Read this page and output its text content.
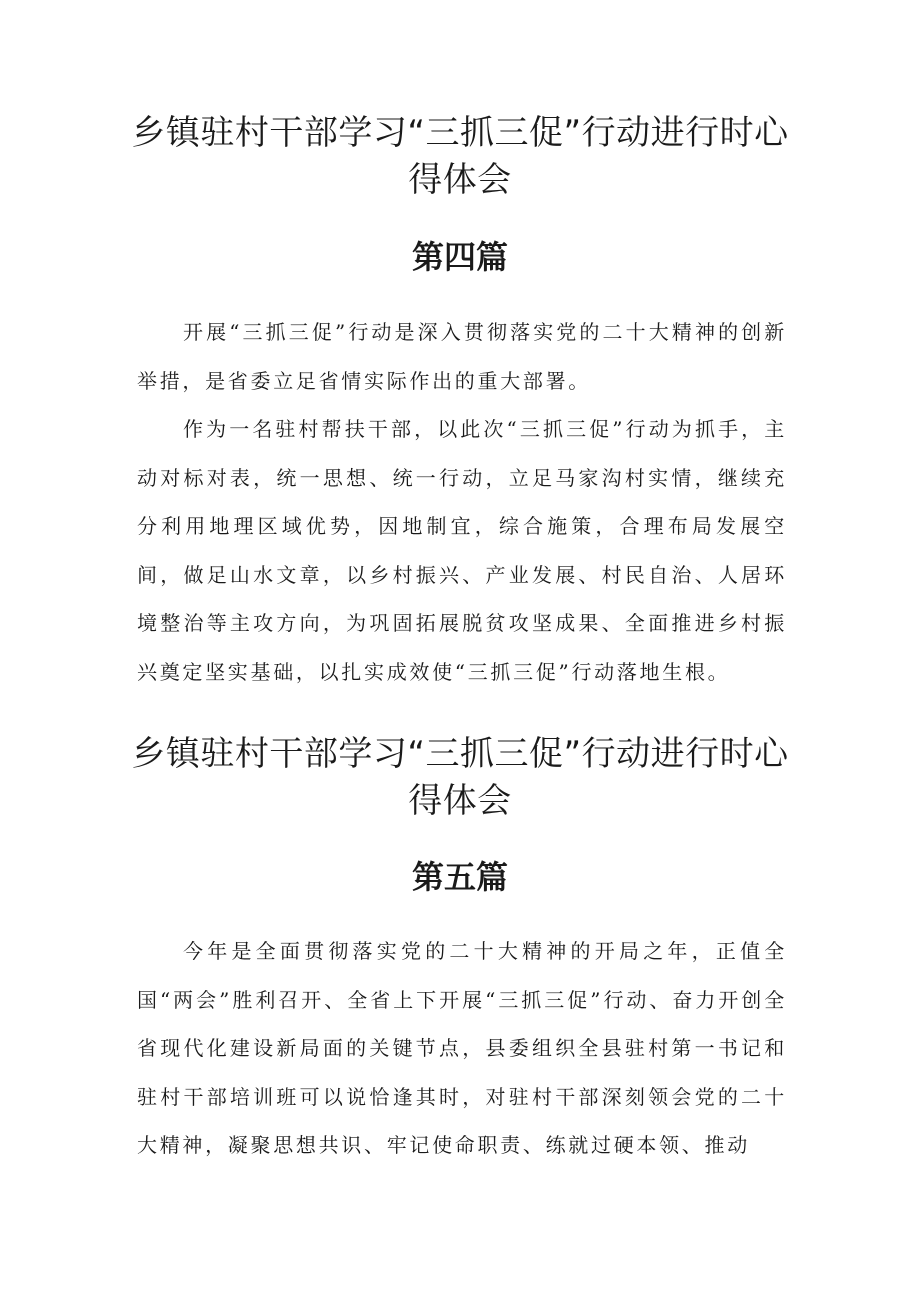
乡镇驻村干部学习“三抓三促”行动进行时心得体会
第四篇

开展“三抓三促”行动是深入贯彻落实党的二十大精神的创新举措，是省委立足省情实际作出的重大部署。

作为一名驻村帮扶干部，以此次“三抓三促”行动为抓手，主动对标对表，统一思想、统一行动，立足马家沟村实情，继续充分利用地理区域优势，因地制宜，综合施策，合理布局发展空间，做足山水文章，以乡村振兴、产业发展、村民自治、人居环境整治等主攻方向，为巩固拓展脱贫攻坚成果、全面推进乡村振兴奠定坚实基础，以扎实成效使“三抓三促”行动落地生根。

乡镇驻村干部学习“三抓三促”行动进行时心得体会
第五篇

今年是全面贯彻落实党的二十大精神的开局之年，正值全国“两会”胜利召开、全省上下开展“三抓三促”行动、奋力开创全省现代化建设新局面的关键节点，县委组织全县驻村第一书记和驻村干部培训班可以说恰逢其时，对驻村干部深刻领会党的二十大精神，凝聚思想共识、牢记使命职责、练就过硬本领、推动
